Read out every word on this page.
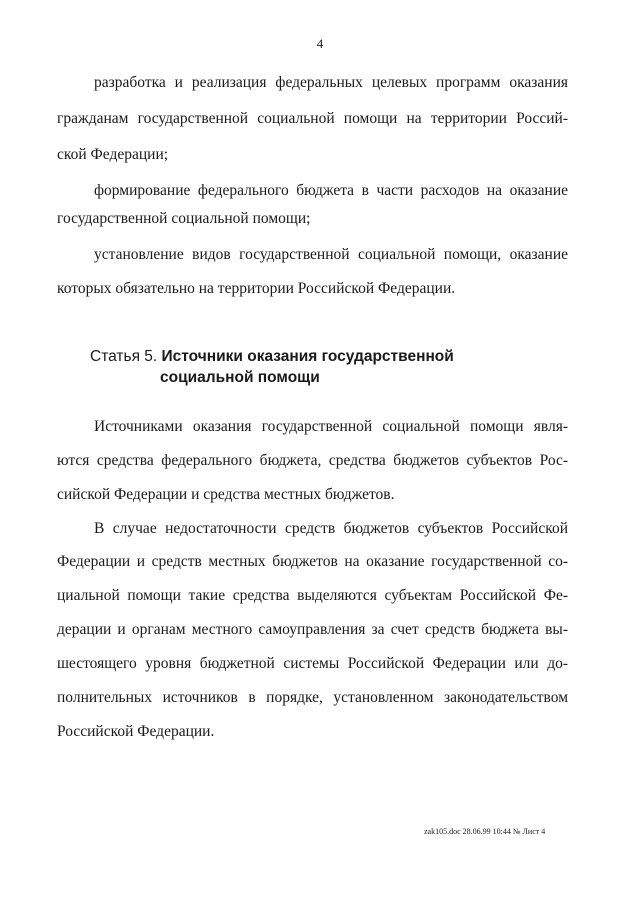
4
разработка и реализация федеральных целевых программ оказания
гражданам государственной социальной помощи на территории Россий-
ской Федерации;
формирование федерального бюджета в части расходов на оказание
государственной социальной помощи;
установление видов государственной социальной помощи, оказание
которых обязательно на территории Российской Федерации.
Статья 5. Источники оказания государственной
социальной помощи
Источниками оказания государственной социальной помощи явля-
ются средства федерального бюджета, средства бюджетов субъектов Рос-
сийской Федерации и средства местных бюджетов.
В случае недостаточности средств бюджетов субъектов Российской
Федерации и средств местных бюджетов на оказание государственной со-
циальной помощи такие средства выделяются субъектам Российской Фе-
дерации и органам местного самоуправления за счет средств бюджета вы-
шестоящего уровня бюджетной системы Российской Федерации или до-
полнительных источников в порядке, установленном законодательством
Российской Федерации.
zak105.doc 28.06.99 10:44 № Лист 4
